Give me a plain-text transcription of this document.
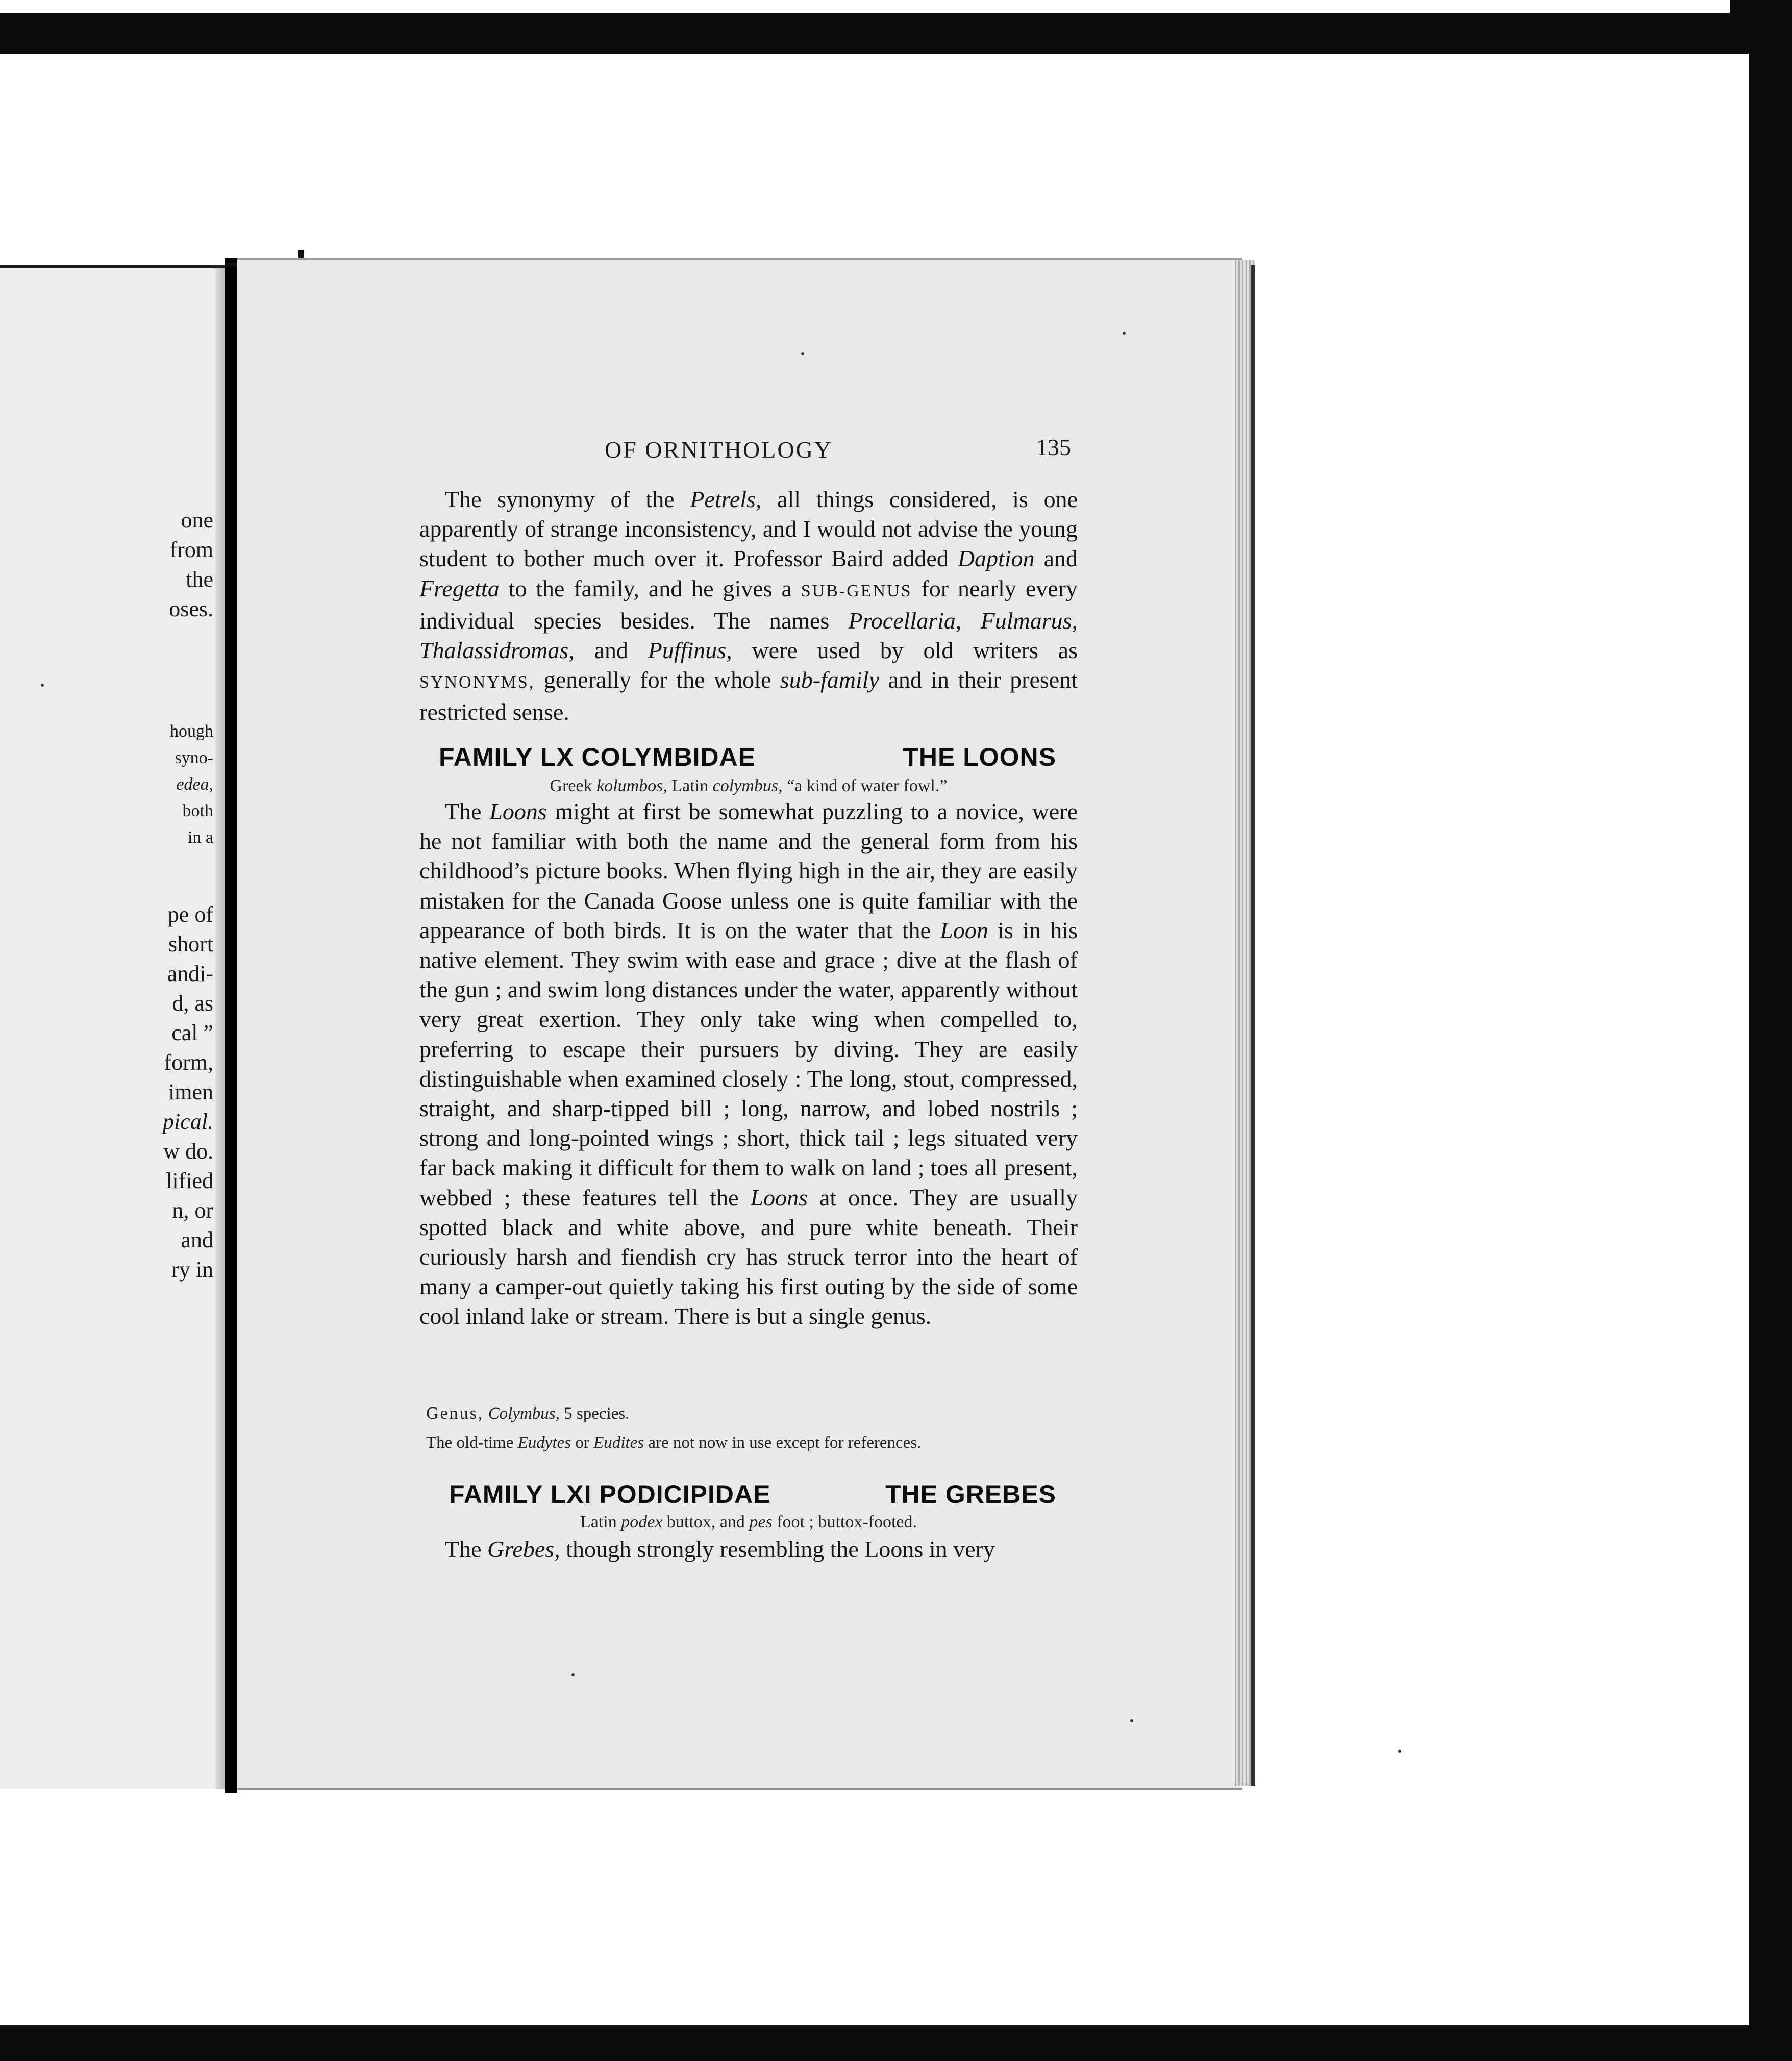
one
from
the
oses.
hough
syno-
edea,
both
in a
pe of
short
andi-
d, as
cal ”
form,
imen
pical.
w do.
lified
n, or
and
ry in
OF ORNITHOLOGY	135
The synonymy of the Petrels, all things considered, is one apparently of strange inconsistency, and I would not advise the young student to bother much over it. Professor Baird added Daption and Fregetta to the family, and he gives a SUB-GENUS for nearly every individual species besides. The names Procellaria, Fulmarus, Thalassidromas, and Puffinus, were used by old writers as SYNONYMS, generally for the whole sub-family and in their present restricted sense.
FAMILY LX COLYMBIDAE	THE LOONS
Greek kolumbos, Latin colymbus, “a kind of water fowl.”
The Loons might at first be somewhat puzzling to a novice, were he not familiar with both the name and the general form from his childhood’s picture books. When flying high in the air, they are easily mistaken for the Canada Goose unless one is quite familiar with the appearance of both birds. It is on the water that the Loon is in his native element. They swim with ease and grace ; dive at the flash of the gun ; and swim long distances under the water, apparently without very great exertion. They only take wing when compelled to, preferring to escape their pursuers by diving. They are easily distinguishable when examined closely : The long, stout, compressed, straight, and sharp-tipped bill ; long, narrow, and lobed nostrils ; strong and long-pointed wings ; short, thick tail ; legs situated very far back making it difficult for them to walk on land ; toes all present, webbed ; these features tell the Loons at once. They are usually spotted black and white above, and pure white beneath. Their curiously harsh and fiendish cry has struck terror into the heart of many a camper-out quietly taking his first outing by the side of some cool inland lake or stream. There is but a single genus.
Genus, Colymbus, 5 species.
The old-time Eudytes or Eudites are not now in use except for references.
FAMILY LXI PODICIPIDAE	THE GREBES
Latin podex buttox, and pes foot ; buttox-footed.
The Grebes, though strongly resembling the Loons in very
